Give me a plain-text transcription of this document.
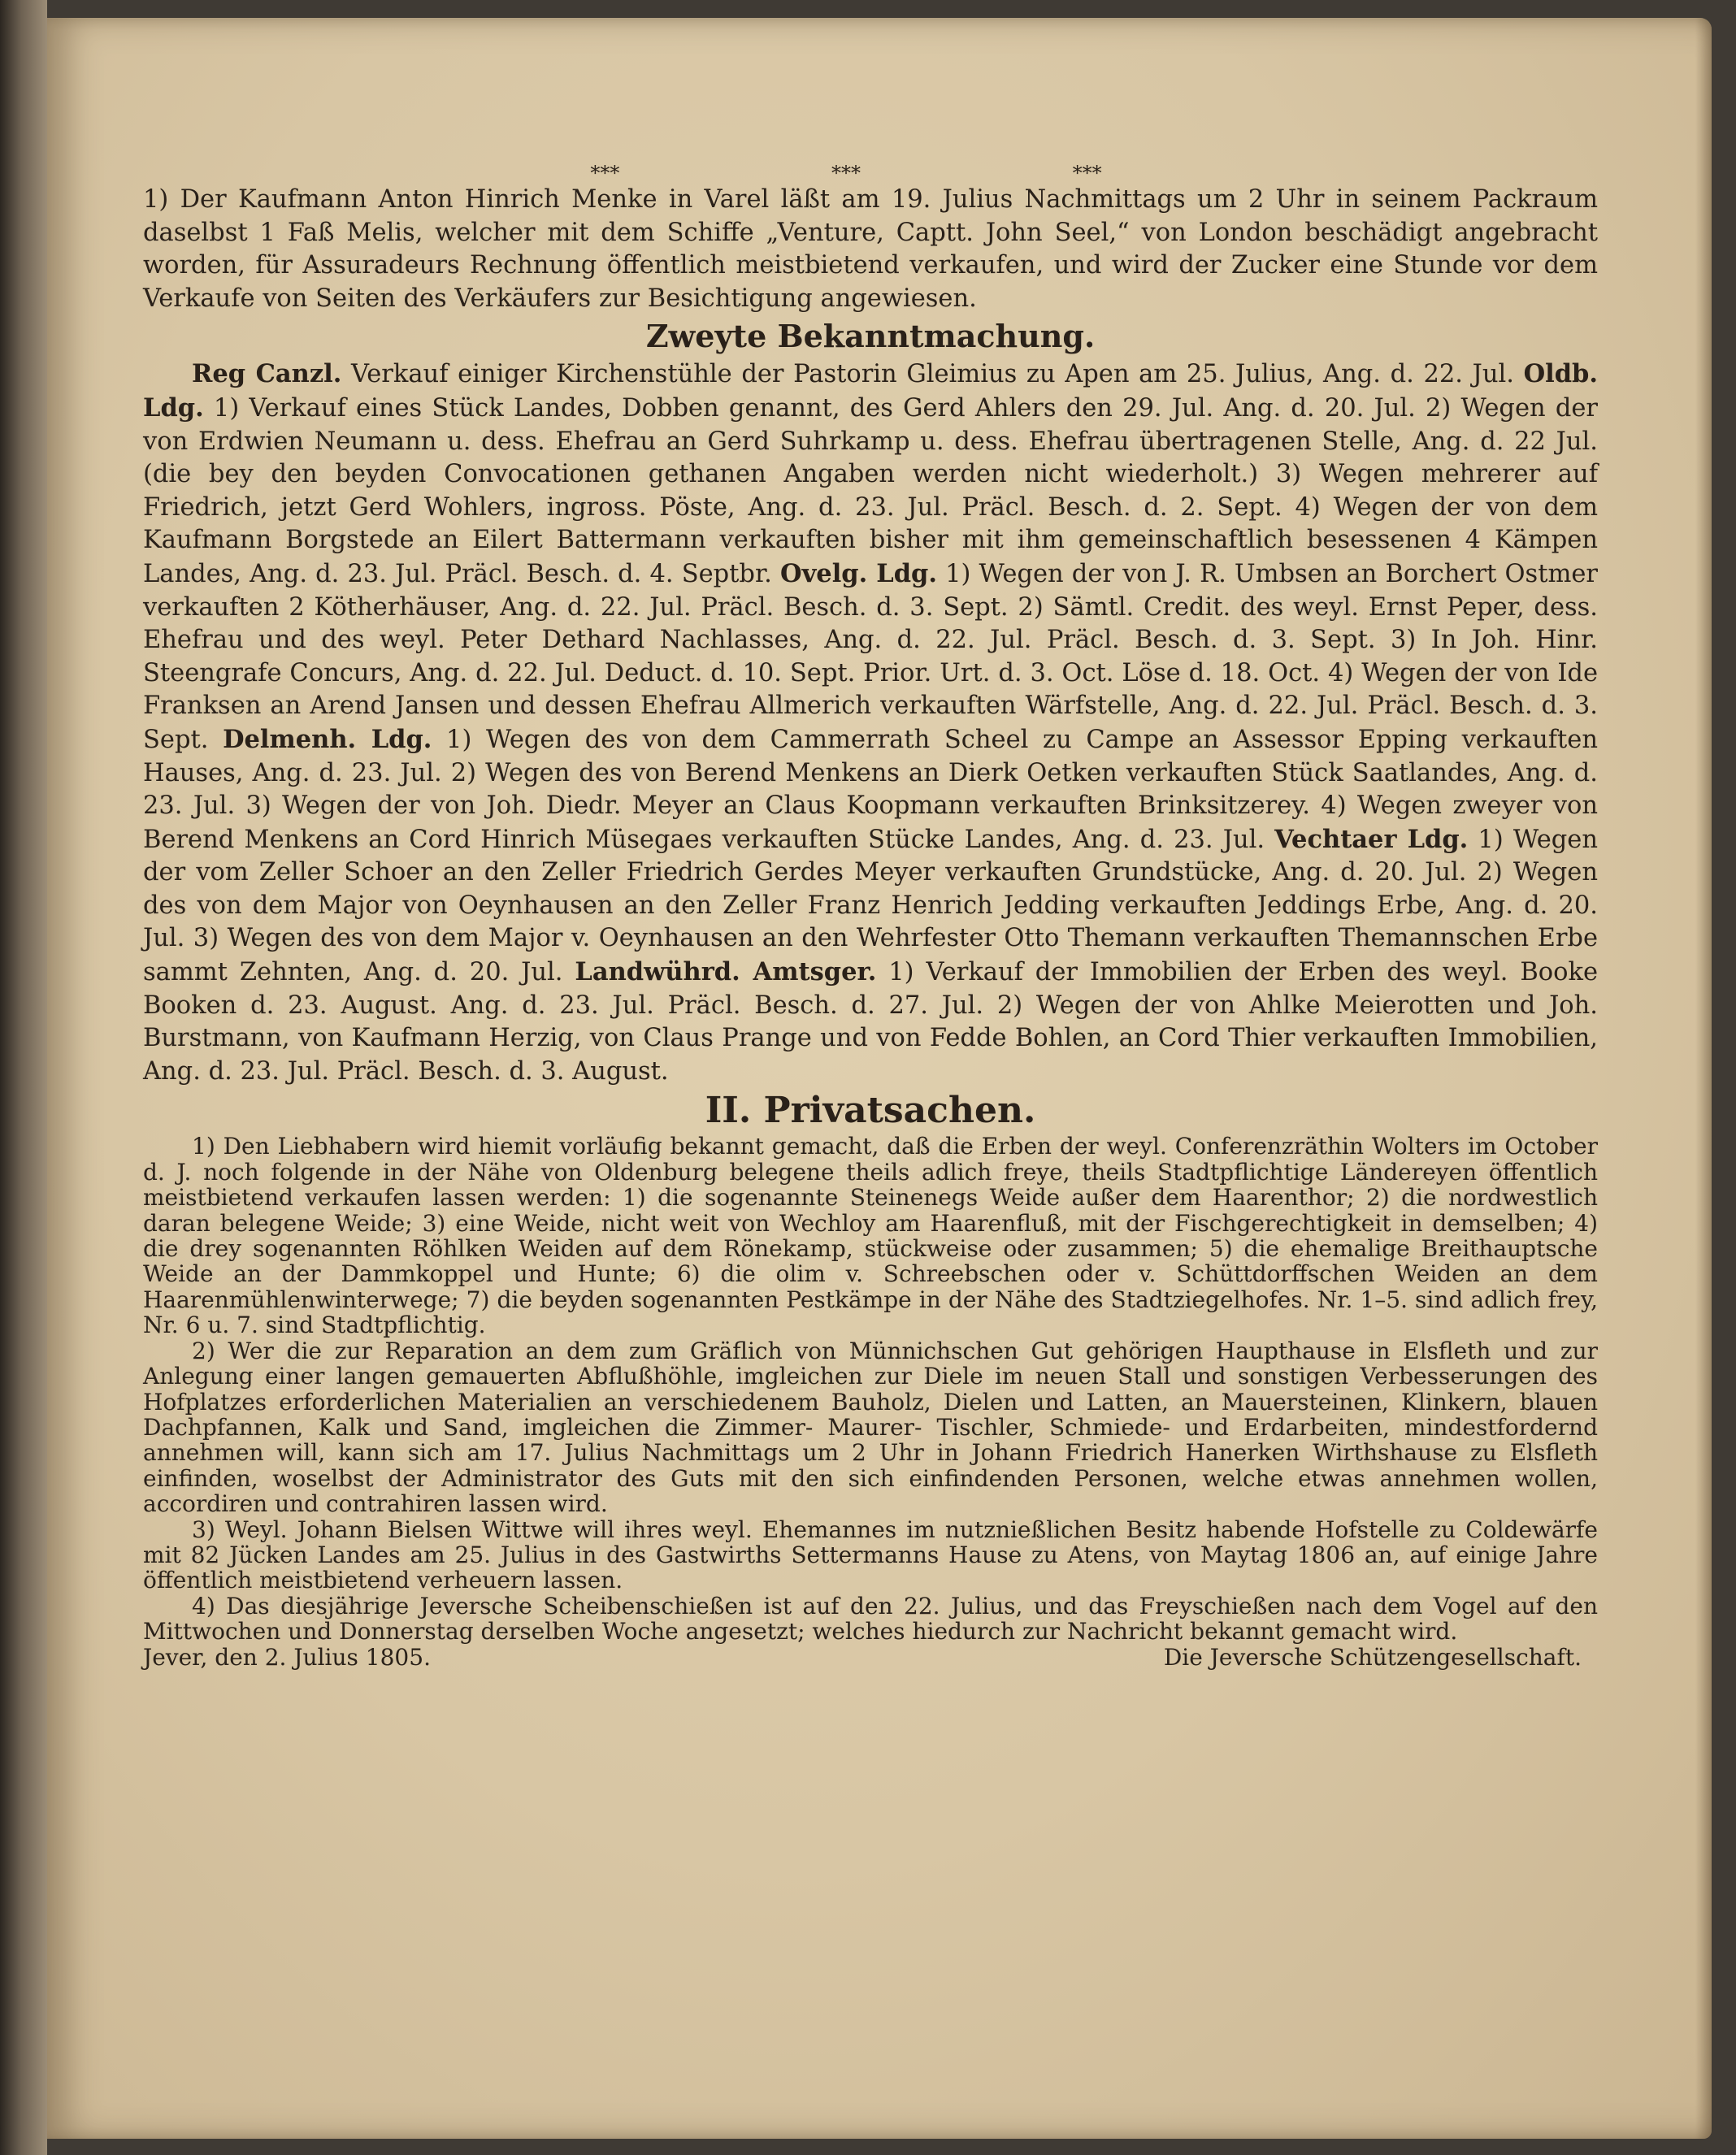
***	***	***

1) Der Kaufmann Anton Hinrich Menke in Varel läßt am 19. Julius Nachmittags um 2 Uhr in seinem Packraum daselbst 1 Faß Melis, welcher mit dem Schiffe „Venture, Captt. John Seel,“ von London beschädigt angebracht worden, für Assuradeurs Rechnung öffentlich meistbietend verkaufen, und wird der Zucker eine Stunde vor dem Verkaufe von Seiten des Verkäufers zur Besichtigung angewiesen.

Zweyte Bekanntmachung.

Reg Canzl. Verkauf einiger Kirchenstühle der Pastorin Gleimius zu Apen am 25. Julius, Ang. d. 22. Jul. Oldb. Ldg. 1) Verkauf eines Stück Landes, Dobben genannt, des Gerd Ahlers den 29. Jul. Ang. d. 20. Jul. 2) Wegen der von Erdwien Neumann u. dess. Ehefrau an Gerd Suhrkamp u. dess. Ehefrau übertragenen Stelle, Ang. d. 22 Jul. (die bey den beyden Convocationen gethanen Angaben werden nicht wiederholt.) 3) Wegen mehrerer auf Friedrich, jetzt Gerd Wohlers, ingross. Pöste, Ang. d. 23. Jul. Präcl. Besch. d. 2. Sept. 4) Wegen der von dem Kaufmann Borgstede an Eilert Battermann verkauften bisher mit ihm gemeinschaftlich besessenen 4 Kämpen Landes, Ang. d. 23. Jul. Präcl. Besch. d. 4. Septbr. Ovelg. Ldg. 1) Wegen der von J. R. Umbsen an Borchert Ostmer verkauften 2 Kötherhäuser, Ang. d. 22. Jul. Präcl. Besch. d. 3. Sept. 2) Sämtl. Credit. des weyl. Ernst Peper, dess. Ehefrau und des weyl. Peter Dethard Nachlasses, Ang. d. 22. Jul. Präcl. Besch. d. 3. Sept. 3) In Joh. Hinr. Steengrafe Concurs, Ang. d. 22. Jul. Deduct. d. 10. Sept. Prior. Urt. d. 3. Oct. Löse d. 18. Oct. 4) Wegen der von Ide Franksen an Arend Jansen und dessen Ehefrau Allmerich verkauften Wärfstelle, Ang. d. 22. Jul. Präcl. Besch. d. 3. Sept. Delmenh. Ldg. 1) Wegen des von dem Cammerrath Scheel zu Campe an Assessor Epping verkauften Hauses, Ang. d. 23. Jul. 2) Wegen des von Berend Menkens an Dierk Oetken verkauften Stück Saatlandes, Ang. d. 23. Jul. 3) Wegen der von Joh. Diedr. Meyer an Claus Koopmann verkauften Brinksitzerey. 4) Wegen zweyer von Berend Menkens an Cord Hinrich Müsegaes verkauften Stücke Landes, Ang. d. 23. Jul. Vechtaer Ldg. 1) Wegen der vom Zeller Schoer an den Zeller Friedrich Gerdes Meyer verkauften Grundstücke, Ang. d. 20. Jul. 2) Wegen des von dem Major von Oeynhausen an den Zeller Franz Henrich Jedding verkauften Jeddings Erbe, Ang. d. 20. Jul. 3) Wegen des von dem Major v. Oeynhausen an den Wehrfester Otto Themann verkauften Themannschen Erbe sammt Zehnten, Ang. d. 20. Jul. Landwührd. Amtsger. 1) Verkauf der Immobilien der Erben des weyl. Booke Booken d. 23. August. Ang. d. 23. Jul. Präcl. Besch. d. 27. Jul. 2) Wegen der von Ahlke Meierotten und Joh. Burstmann, von Kaufmann Herzig, von Claus Prange und von Fedde Bohlen, an Cord Thier verkauften Immobilien, Ang. d. 23. Jul. Präcl. Besch. d. 3. August.

II. Privatsachen.

1) Den Liebhabern wird hiemit vorläufig bekannt gemacht, daß die Erben der weyl. Conferenzräthin Wolters im October d. J. noch folgende in der Nähe von Oldenburg belegene theils adlich freye, theils Stadtpflichtige Ländereyen öffentlich meistbietend verkaufen lassen werden: 1) die sogenannte Steinenegs Weide außer dem Haarenthor; 2) die nordwestlich daran belegene Weide; 3) eine Weide, nicht weit von Wechloy am Haarenfluß, mit der Fischgerechtigkeit in demselben; 4) die drey sogenannten Röhlken Weiden auf dem Rönekamp, stückweise oder zusammen; 5) die ehemalige Breithauptsche Weide an der Dammkoppel und Hunte; 6) die olim v. Schreebschen oder v. Schüttdorffschen Weiden an dem Haarenmühlenwinterwege; 7) die beyden sogenannten Pestkämpe in der Nähe des Stadtziegelhofes. Nr. 1–5. sind adlich frey, Nr. 6 u. 7. sind Stadtpflichtig.

2) Wer die zur Reparation an dem zum Gräflich von Münnichschen Gut gehörigen Haupthause in Elsfleth und zur Anlegung einer langen gemauerten Abflußhöhle, imgleichen zur Diele im neuen Stall und sonstigen Verbesserungen des Hofplatzes erforderlichen Materialien an verschiedenem Bauholz, Dielen und Latten, an Mauersteinen, Klinkern, blauen Dachpfannen, Kalk und Sand, imgleichen die Zimmer- Maurer- Tischler, Schmiede- und Erdarbeiten, mindestfordernd annehmen will, kann sich am 17. Julius Nachmittags um 2 Uhr in Johann Friedrich Hanerken Wirthshause zu Elsfleth einfinden, woselbst der Administrator des Guts mit den sich einfindenden Personen, welche etwas annehmen wollen, accordiren und contrahiren lassen wird.

3) Weyl. Johann Bielsen Wittwe will ihres weyl. Ehemannes im nutznießlichen Besitz habende Hofstelle zu Coldewärfe mit 82 Jücken Landes am 25. Julius in des Gastwirths Settermanns Hause zu Atens, von Maytag 1806 an, auf einige Jahre öffentlich meistbietend verheuern lassen.

4) Das diesjährige Jeversche Scheibenschießen ist auf den 22. Julius, und das Freyschießen nach dem Vogel auf den Mittwochen und Donnerstag derselben Woche angesetzt; welches hiedurch zur Nachricht bekannt gemacht wird.

Jever, den 2. Julius 1805.	Die Jeversche Schützengesellschaft.
